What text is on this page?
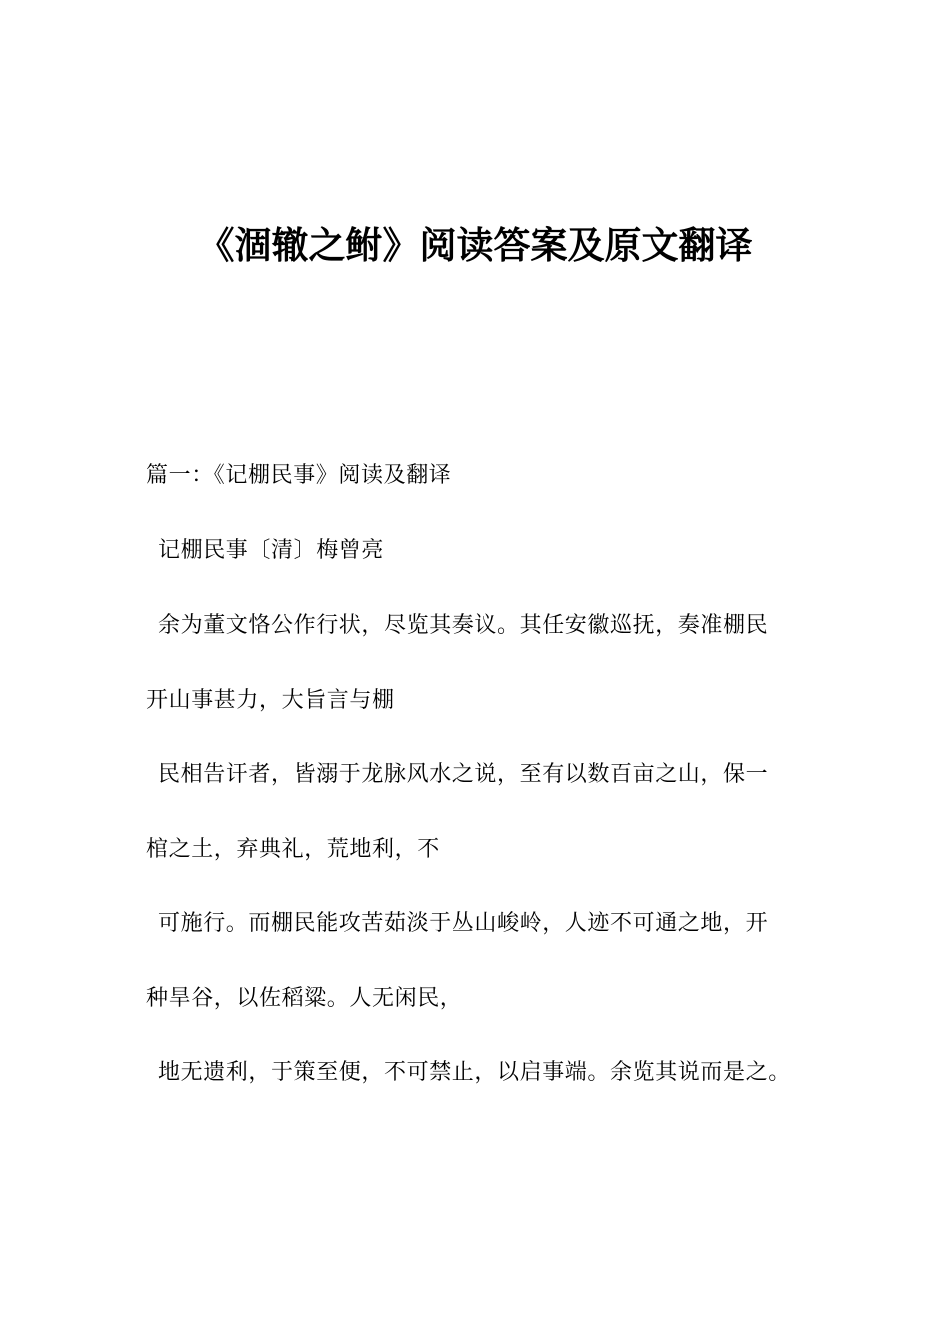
《涸辙之鲋》阅读答案及原文翻译
篇一：《记棚民事》阅读及翻译
记棚民事〔清〕梅曾亮
余为董文恪公作行状，尽览其奏议。其任安徽巡抚，奏准棚民
开山事甚力，大旨言与棚
民相告讦者，皆溺于龙脉风水之说，至有以数百亩之山，保一
棺之土，弃典礼，荒地利，不
可施行。而棚民能攻苦茹淡于丛山峻岭，人迹不可通之地，开
种旱谷，以佐稻粱。人无闲民，
地无遗利，于策至便，不可禁止，以启事端。余览其说而是之。
